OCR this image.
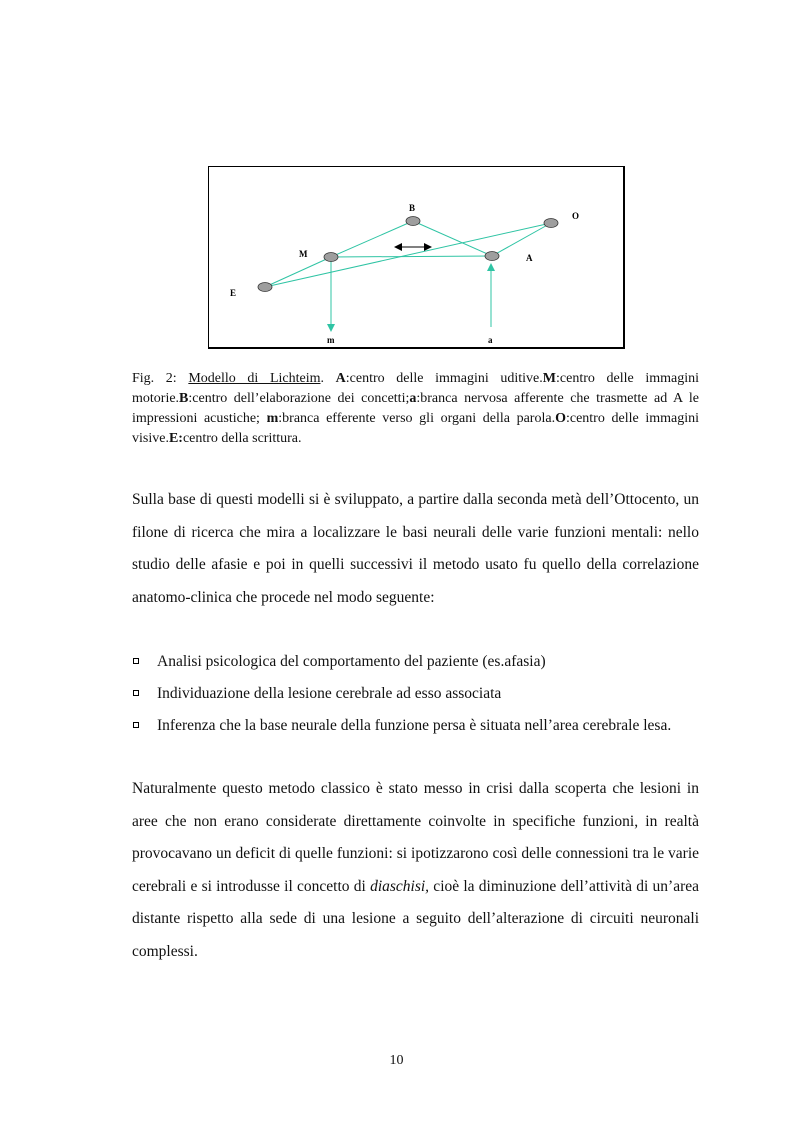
B
O
M	A
E
m	a

Fig. 2: Modello di Lichteim. A:centro delle immagini uditive.M:centro delle immagini motorie.B:centro dell’elaborazione dei concetti;a:branca nervosa afferente che trasmette ad A le impressioni acustiche; m:branca efferente verso gli organi della parola.O:centro delle immagini visive.E:centro della scrittura.

Sulla base di questi modelli si è sviluppato, a partire dalla seconda metà dell’Ottocento, un filone di ricerca che mira a localizzare le basi neurali delle varie funzioni mentali: nello studio delle afasie e poi in quelli successivi il metodo usato fu quello della correlazione anatomo-clinica che procede nel modo seguente:

Analisi psicologica del comportamento del paziente (es.afasia)
Individuazione della lesione cerebrale ad esso associata
Inferenza che la base neurale della funzione persa è situata nell’area cerebrale lesa.

Naturalmente questo metodo classico è stato messo in crisi dalla scoperta che lesioni in aree che non erano considerate direttamente coinvolte in specifiche funzioni, in realtà provocavano un deficit di quelle funzioni: si ipotizzarono così delle connessioni tra le varie cerebrali e si introdusse il concetto di diaschisi, cioè la diminuzione dell’attività di un’area distante rispetto alla sede di una lesione a seguito dell’alterazione di circuiti neuronali complessi.

10
